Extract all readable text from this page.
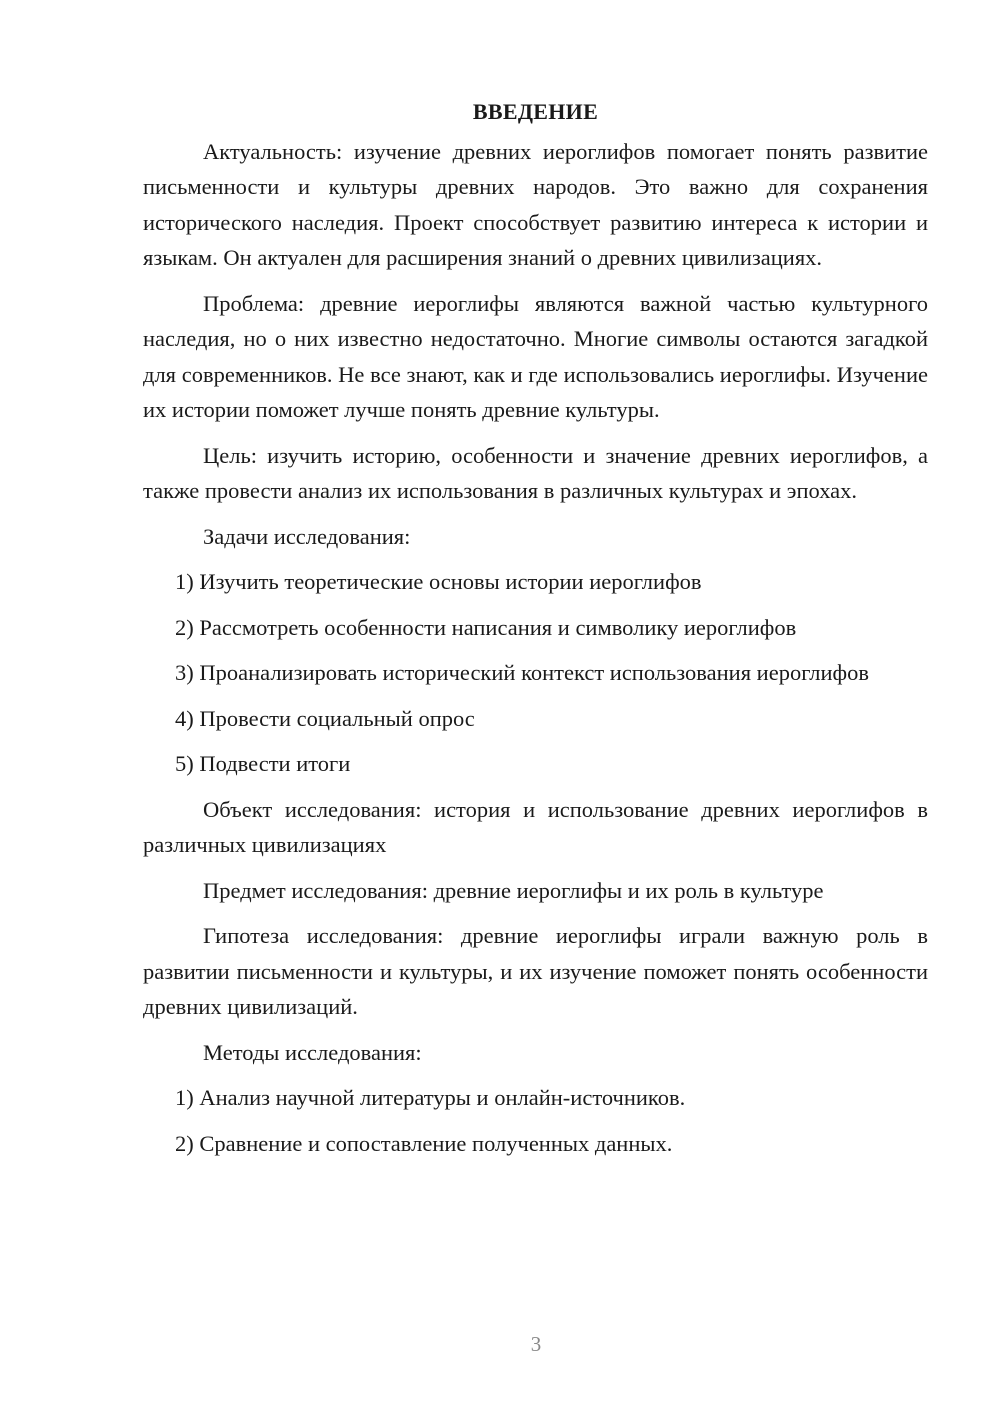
ВВЕДЕНИЕ

Актуальность: изучение древних иероглифов помогает понять развитие письменности и культуры древних народов. Это важно для сохранения исторического наследия. Проект способствует развитию интереса к истории и языкам. Он актуален для расширения знаний о древних цивилизациях.

Проблема: древние иероглифы являются важной частью культурного наследия, но о них известно недостаточно. Многие символы остаются загадкой для современников. Не все знают, как и где использовались иероглифы. Изучение их истории поможет лучше понять древние культуры.

Цель: изучить историю, особенности и значение древних иероглифов, а также провести анализ их использования в различных культурах и эпохах.

Задачи исследования:

1) Изучить теоретические основы истории иероглифов

2) Рассмотреть особенности написания и символику иероглифов

3) Проанализировать исторический контекст использования иероглифов

4) Провести социальный опрос

5) Подвести итоги

Объект исследования: история и использование древних иероглифов в различных цивилизациях

Предмет исследования: древние иероглифы и их роль в культуре

Гипотеза исследования: древние иероглифы играли важную роль в развитии письменности и культуры, и их изучение поможет понять особенности древних цивилизаций.

Методы исследования:

1) Анализ научной литературы и онлайн-источников.

2) Сравнение и сопоставление полученных данных.

3
